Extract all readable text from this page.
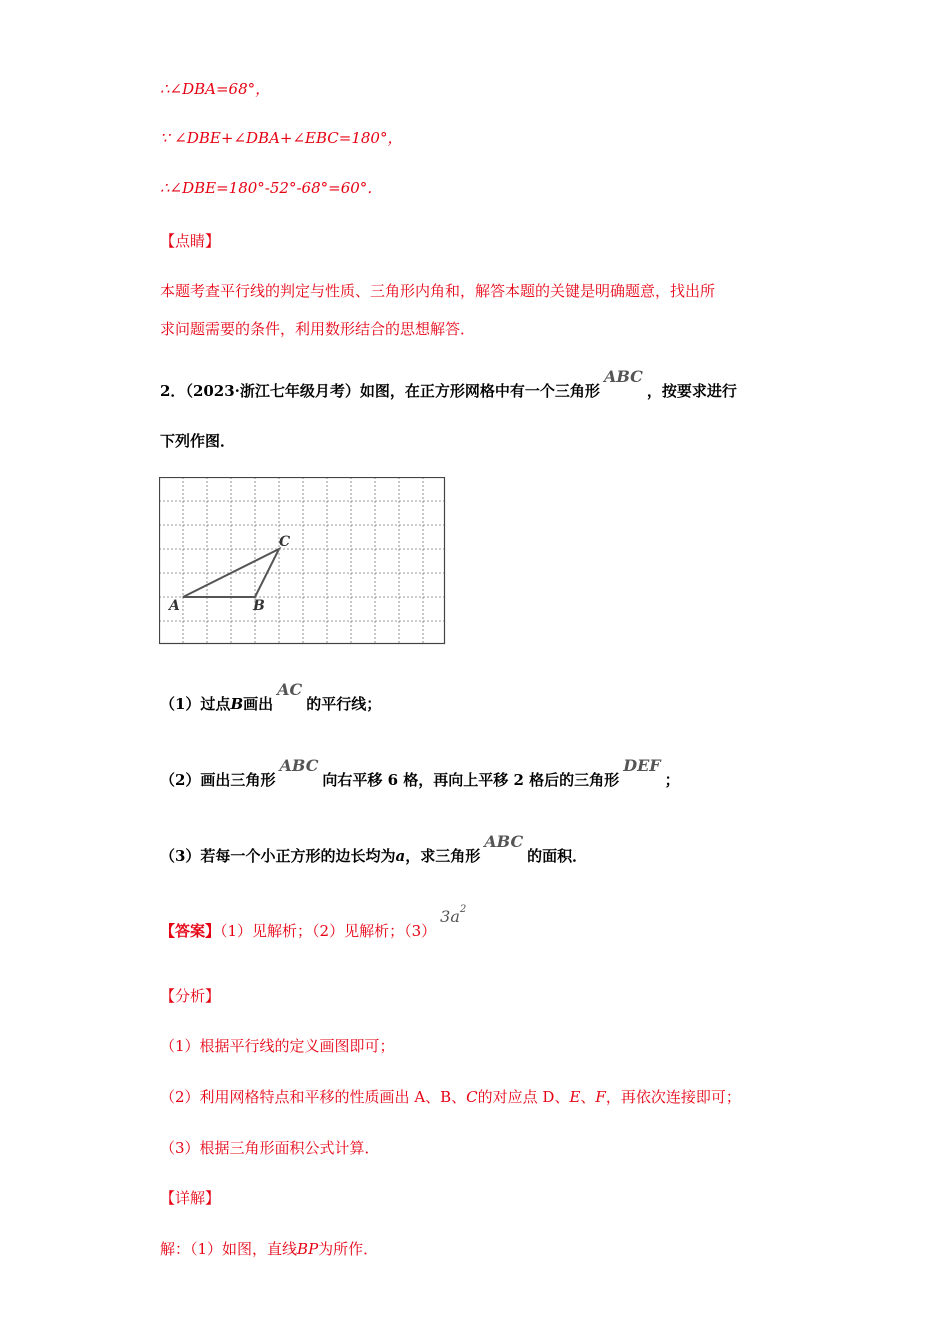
∴∠DBA=68°，
∵ ∠DBE+∠DBA+∠EBC=180°，
∴∠DBE=180°-52°-68°=60°．
【点睛】
本题考查平行线的判定与性质、三角形内角和，解答本题的关键是明确题意，找出所
求问题需要的条件，利用数形结合的思想解答．
2．（2023·浙江七年级月考）如图，在正方形网格中有一个三角形ABC，按要求进行
下列作图．
A	B
C
（1）过点B画出AC的平行线；
（2）画出三角形ABC向右平移 6 格，再向上平移 2 格后的三角形DEF；
（3）若每一个小正方形的边长均为a，求三角形ABC的面积．
【答案】（1）见解析；（2）见解析；$(3)3a^2$
【分析】
（1）根据平行线的定义画图即可；
（2）利用网格特点和平移的性质画出 A、B、C的对应点 D、E、F，再依次连接即可；
（3）根据三角形面积公式计算．
【详解】
解：（1）如图，直线BP为所作．
